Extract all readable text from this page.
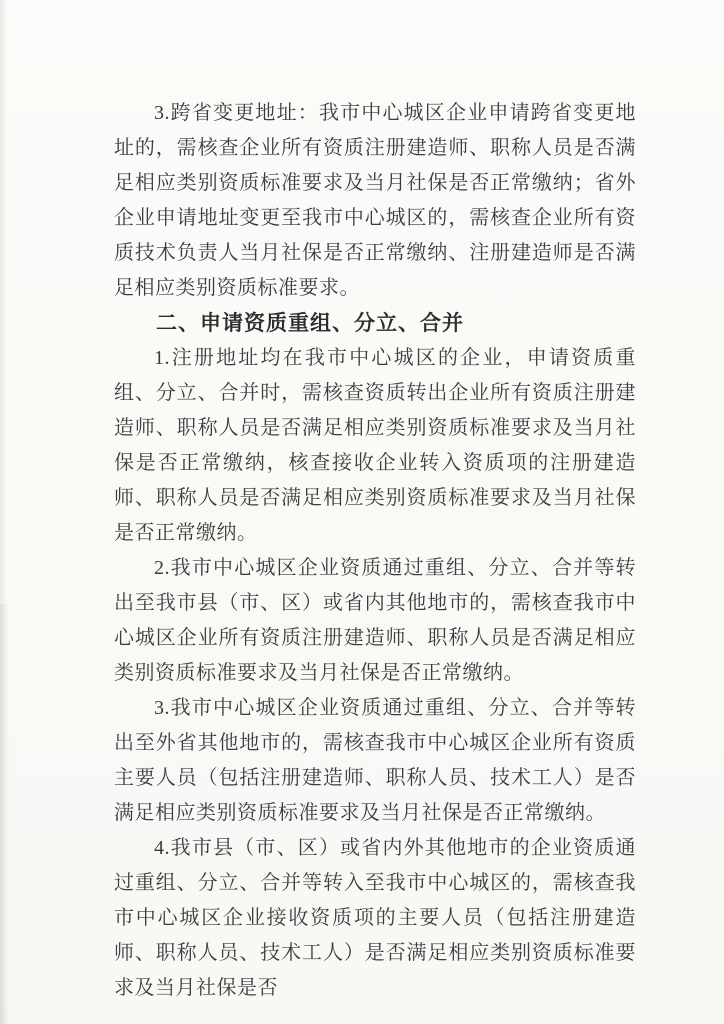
3.跨省变更地址：我市中心城区企业申请跨省变更地址的，需核查企业所有资质注册建造师、职称人员是否满足相应类别资质标准要求及当月社保是否正常缴纳；省外企业申请地址变更至我市中心城区的，需核查企业所有资质技术负责人当月社保是否正常缴纳、注册建造师是否满足相应类别资质标准要求。

二、申请资质重组、分立、合并

1.注册地址均在我市中心城区的企业，申请资质重组、分立、合并时，需核查资质转出企业所有资质注册建造师、职称人员是否满足相应类别资质标准要求及当月社保是否正常缴纳，核查接收企业转入资质项的注册建造师、职称人员是否满足相应类别资质标准要求及当月社保是否正常缴纳。

2.我市中心城区企业资质通过重组、分立、合并等转出至我市县（市、区）或省内其他地市的，需核查我市中心城区企业所有资质注册建造师、职称人员是否满足相应类别资质标准要求及当月社保是否正常缴纳。

3.我市中心城区企业资质通过重组、分立、合并等转出至外省其他地市的，需核查我市中心城区企业所有资质主要人员（包括注册建造师、职称人员、技术工人）是否满足相应类别资质标准要求及当月社保是否正常缴纳。

4.我市县（市、区）或省内外其他地市的企业资质通过重组、分立、合并等转入至我市中心城区的，需核查我市中心城区企业接收资质项的主要人员（包括注册建造师、职称人员、技术工人）是否满足相应类别资质标准要求及当月社保是否
